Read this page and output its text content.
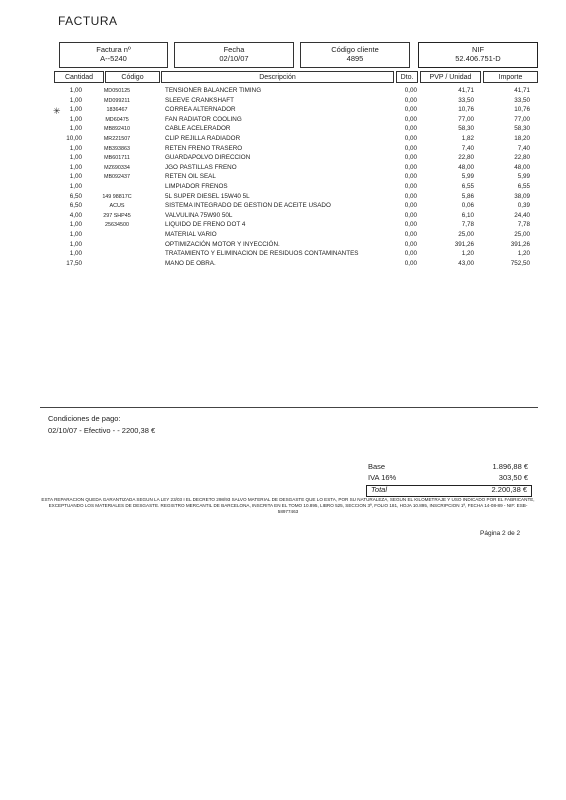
FACTURA
Factura nº
A--5240
Fecha
02/10/07
Código cliente
4895
NIF
52.406.751-D
Cantidad	Código	Descripción	Dto.	PVP / Unidad	Importe
1,00	MD050125	TENSIONER BALANCER TIMING	0,00	41,71	41,71
1,00	MD099211	SLEEVE CRANKSHAFT	0,00	33,50	33,50
1,00	1836467	CORREA ALTERNADOR	0,00	10,76	10,76
1,00	MD60475	FAN RADIATOR COOLING	0,00	77,00	77,00
1,00	MB892410	CABLE ACELERADOR	0,00	58,30	58,30
10,00	MR221507	CLIP REJILLA RADIADOR	0,00	1,82	18,20
1,00	MB393863	RETEN FRENO TRASERO	0,00	7,40	7,40
1,00	MB601711	GUARDAPOLVO DIRECCION	0,00	22,80	22,80
1,00	MZ690334	JGO PASTILLAS FRENO	0,00	48,00	48,00
1,00	MB092437	RETEN OIL SEAL	0,00	5,99	5,99
1,00	LIMPIADOR FRENOS	0,00	6,55	6,55
6,50	149 98817C	5L SUPER DIESEL 15W40 5L	0,00	5,86	38,09
6,50	ACUS	SISTEMA INTEGRADO DE GESTION DE ACEITE USADO	0,00	0,06	0,39
4,00	297 SHP45	VALVULINA 75W90 50L	0,00	6,10	24,40
1,00	25634500	LIQUIDO DE FRENO DOT 4	0,00	7,78	7,78
1,00	MATERIAL VARIO	0,00	25,00	25,00
1,00	OPTIMIZACIÓN MOTOR Y INYECCIÓN.	0,00	391,26	391,26
1,00	TRATAMIENTO Y ELIMINACION DE RESIDUOS CONTAMINANTES	0,00	1,20	1,20
17,50	MANO DE OBRA.	0,00	43,00	752,50
✳
Condiciones de pago:
02/10/07 - Efectivo - - 2200,38 €
Base	1.896,88 €
IVA 16%	303,50 €
Total	2.200,38 €
ESTA REPARACION QUEDA GARANTIZADA SEGUN LA LEY 23/03 I EL DECRETO 298/93 SALVO MATERIAL DE DESGASTE QUE LO ESTA, POR SU NATURALEZA, SEGUN EL KILOMETRAJE Y USO INDICADO POR EL FABRICANTE, EXCEPTUANDO LOS MATERIALES DE DESGASTE. REGISTRO MERCANTIL DE BARCELONA, INSCRITA EN EL TOMO 10.895, LIBRO 525, SECCION 3ª, FOLIO 181, HOJA 10.895, INSCRIPCION 1ª, FECHA 14-08-89 - NIF: ESB-58977463
Página 2 de 2
